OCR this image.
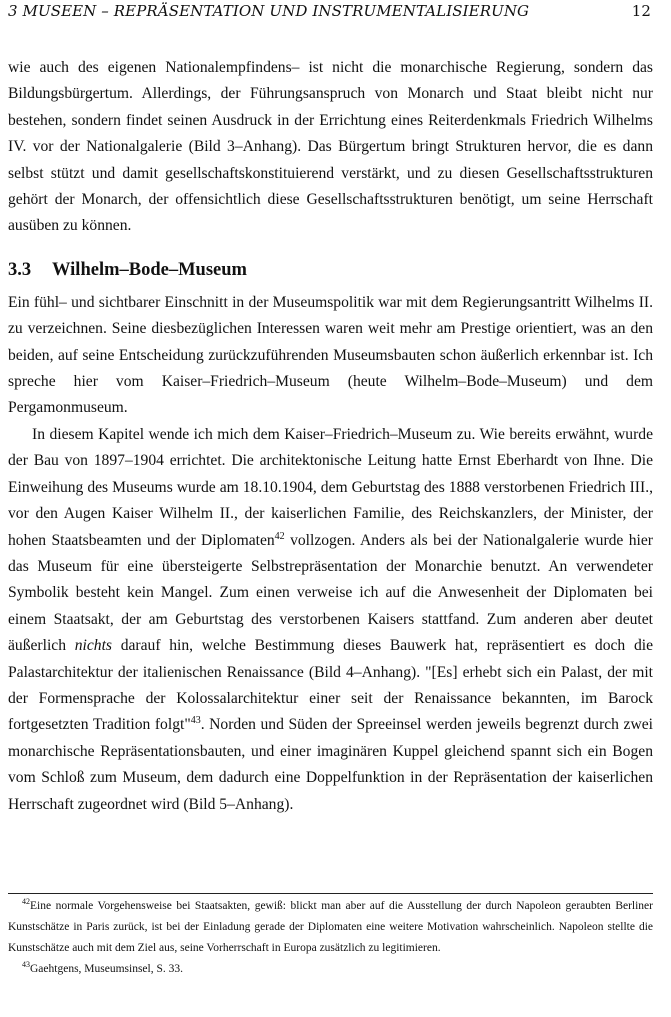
3 MUSEEN – REPRÄSENTATION UND INSTRUMENTALISIERUNG	12

wie auch des eigenen Nationalempfindens– ist nicht die monarchische Regierung, sondern das Bildungsbürgertum. Allerdings, der Führungsanspruch von Monarch und Staat bleibt nicht nur bestehen, sondern findet seinen Ausdruck in der Errichtung eines Reiterdenkmals Friedrich Wilhelms IV. vor der Nationalgalerie (Bild 3–Anhang). Das Bürgertum bringt Strukturen hervor, die es dann selbst stützt und damit gesellschaftskonstituierend verstärkt, und zu diesen Gesellschaftsstrukturen gehört der Monarch, der offensichtlich diese Gesellschaftsstrukturen benötigt, um seine Herrschaft ausüben zu können.

3.3 Wilhelm–Bode–Museum

Ein fühl– und sichtbarer Einschnitt in der Museumspolitik war mit dem Regierungsantritt Wilhelms II. zu verzeichnen. Seine diesbezüglichen Interessen waren weit mehr am Prestige orientiert, was an den beiden, auf seine Entscheidung zurückzuführenden Museumsbauten schon äußerlich erkennbar ist. Ich spreche hier vom Kaiser–Friedrich–Museum (heute Wilhelm–Bode–Museum) und dem Pergamonmuseum.

In diesem Kapitel wende ich mich dem Kaiser–Friedrich–Museum zu. Wie bereits erwähnt, wurde der Bau von 1897–1904 errichtet. Die architektonische Leitung hatte Ernst Eberhardt von Ihne. Die Einweihung des Museums wurde am 18.10.1904, dem Geburtstag des 1888 verstorbenen Friedrich III., vor den Augen Kaiser Wilhelm II., der kaiserlichen Familie, des Reichskanzlers, der Minister, der hohen Staatsbeamten und der Diplomaten$^{42}$ vollzogen. Anders als bei der Nationalgalerie wurde hier das Museum für eine übersteigerte Selbstrepräsentation der Monarchie benutzt. An verwendeter Symbolik besteht kein Mangel. Zum einen verweise ich auf die Anwesenheit der Diplomaten bei einem Staatsakt, der am Geburtstag des verstorbenen Kaisers stattfand. Zum anderen aber deutet äußerlich nichts darauf hin, welche Bestimmung dieses Bauwerk hat, repräsentiert es doch die Palastarchitektur der italienischen Renaissance (Bild 4–Anhang). "[Es] erhebt sich ein Palast, der mit der Formensprache der Kolossalarchitektur einer seit der Renaissance bekannten, im Barock fortgesetzten Tradition folgt"$^{43}$. Norden und Süden der Spreeinsel werden jeweils begrenzt durch zwei monarchische Repräsentationsbauten, und einer imaginären Kuppel gleichend spannt sich ein Bogen vom Schloß zum Museum, dem dadurch eine Doppelfunktion in der Repräsentation der kaiserlichen Herrschaft zugeordnet wird (Bild 5–Anhang).

$^{42}$Eine normale Vorgehensweise bei Staatsakten, gewiß: blickt man aber auf die Ausstellung der durch Napoleon geraubten Berliner Kunstschätze in Paris zurück, ist bei der Einladung gerade der Diplomaten eine weitere Motivation wahrscheinlich. Napoleon stellte die Kunstschätze auch mit dem Ziel aus, seine Vorherrschaft in Europa zusätzlich zu legitimieren.

$^{43}$Gaehtgens, Museumsinsel, S. 33.
